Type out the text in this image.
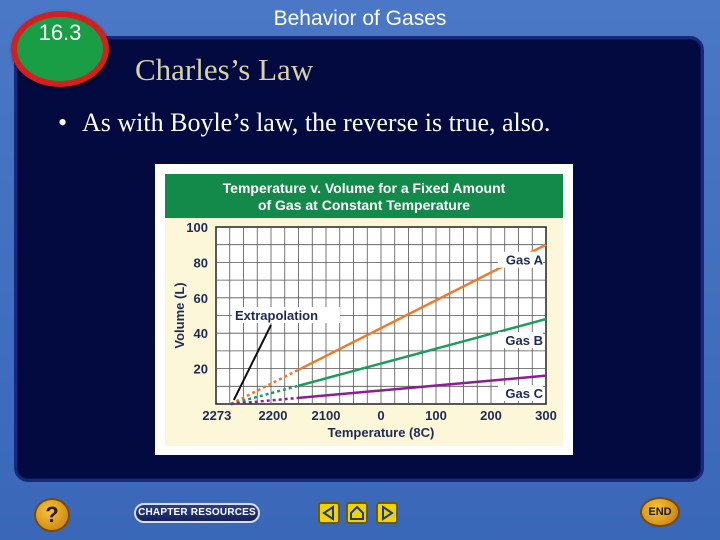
Behavior of Gases
16.3
Charles’s Law
• As with Boyle’s law, the reverse is true, also.
Temperature v. Volume for a Fixed Amount
of Gas at Constant Temperature
20
40
60
80
100
2273 2200 2100	0	100	200	300
Temperature (8C)
Volume (L)
Gas A
Gas B
Gas C
Extrapolation
?	CHAPTER RESOURCES	END
